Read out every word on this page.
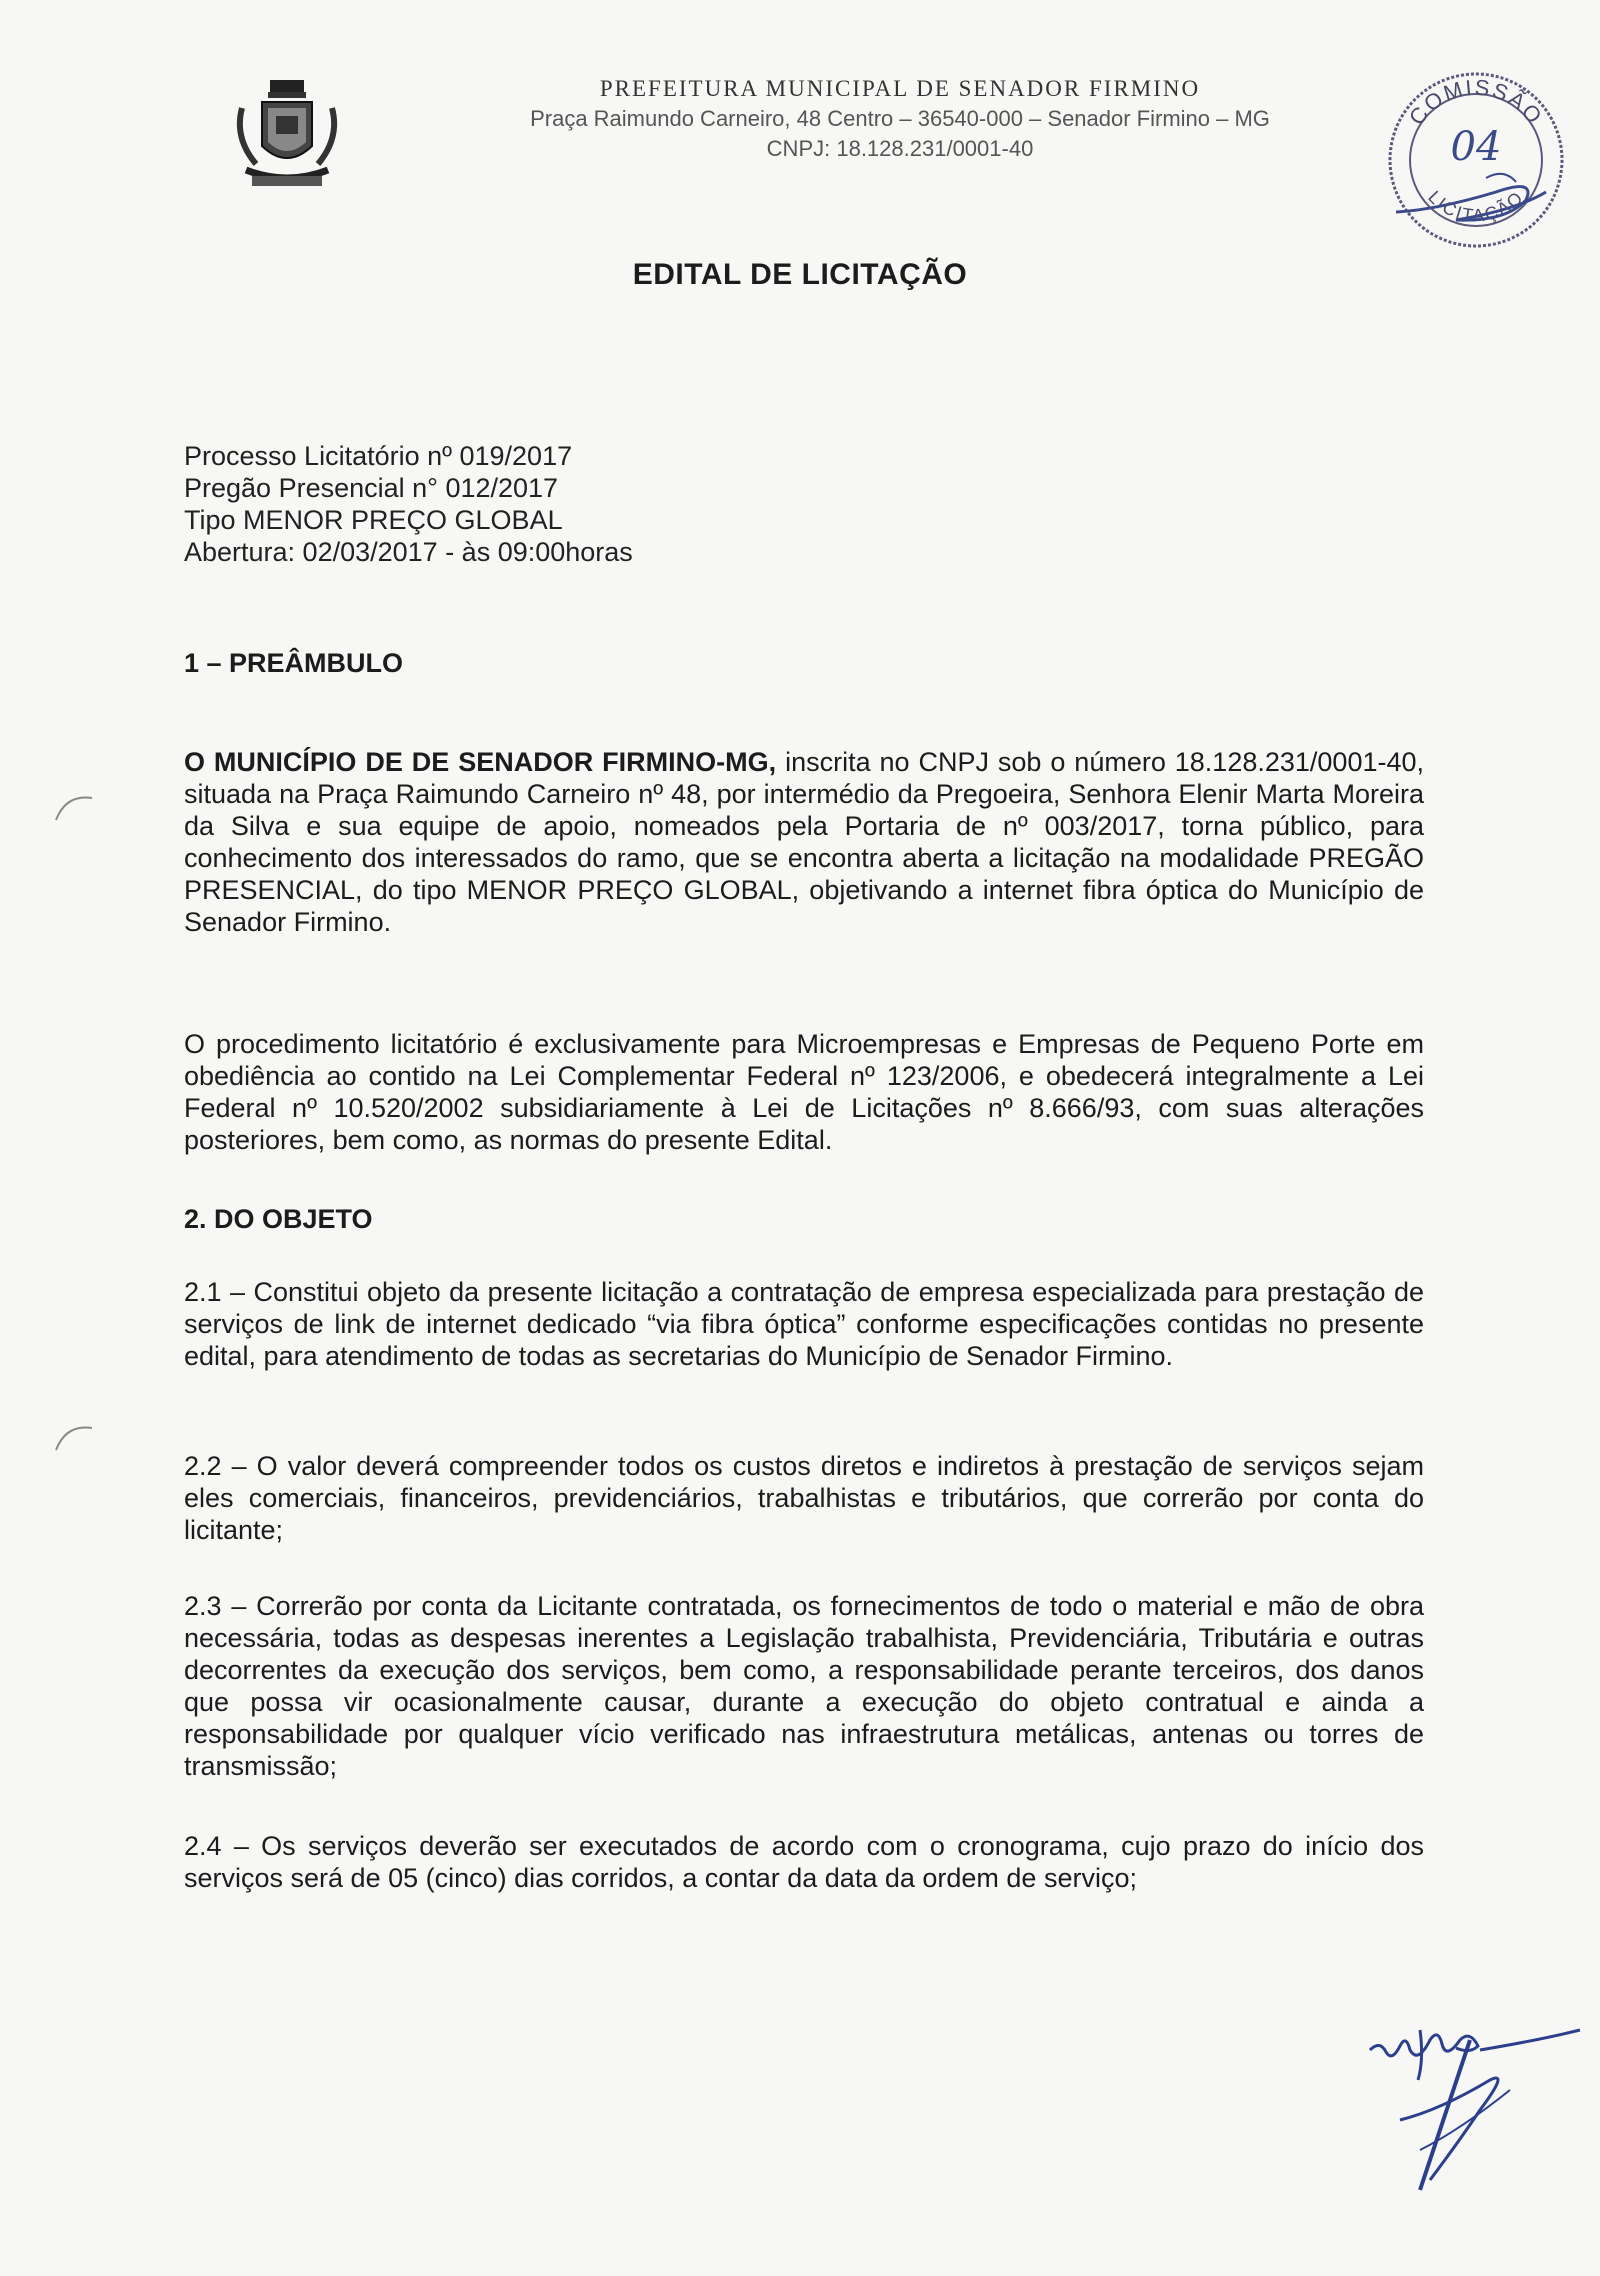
PREFEITURA MUNICIPAL DE SENADOR FIRMINO
Praça Raimundo Carneiro, 48 Centro – 36540-000 – Senador Firmino – MG
CNPJ: 18.128.231/0001-40
COMISSÃO
LICITAÇÃO
04
EDITAL DE LICITAÇÃO
Processo Licitatório nº 019/2017
Pregão Presencial n° 012/2017
Tipo MENOR PREÇO GLOBAL
Abertura: 02/03/2017 - às 09:00horas
1 – PREÂMBULO
O MUNICÍPIO DE DE SENADOR FIRMINO-MG, inscrita no CNPJ sob o número 18.128.231/0001-40, situada na Praça Raimundo Carneiro nº 48, por intermédio da Pregoeira, Senhora Elenir Marta Moreira da Silva e sua equipe de apoio, nomeados pela Portaria de nº 003/2017, torna público, para conhecimento dos interessados do ramo, que se encontra aberta a licitação na modalidade PREGÃO PRESENCIAL, do tipo MENOR PREÇO GLOBAL, objetivando a internet fibra óptica do Município de Senador Firmino.
O procedimento licitatório é exclusivamente para Microempresas e Empresas de Pequeno Porte em obediência ao contido na Lei Complementar Federal nº 123/2006, e obedecerá integralmente a Lei Federal nº 10.520/2002 subsidiariamente à Lei de Licitações nº 8.666/93, com suas alterações posteriores, bem como, as normas do presente Edital.
2. DO OBJETO
2.1 – Constitui objeto da presente licitação a contratação de empresa especializada para prestação de serviços de link de internet dedicado “via fibra óptica” conforme especificações contidas no presente edital, para atendimento de todas as secretarias do Município de Senador Firmino.
2.2 – O valor deverá compreender todos os custos diretos e indiretos à prestação de serviços sejam eles comerciais, financeiros, previdenciários, trabalhistas e tributários, que correrão por conta do licitante;
2.3 – Correrão por conta da Licitante contratada, os fornecimentos de todo o material e mão de obra necessária, todas as despesas inerentes a Legislação trabalhista, Previdenciária, Tributária e outras decorrentes da execução dos serviços, bem como, a responsabilidade perante terceiros, dos danos que possa vir ocasionalmente causar, durante a execução do objeto contratual e ainda a responsabilidade por qualquer vício verificado nas infraestrutura metálicas, antenas ou torres de transmissão;
2.4 – Os serviços deverão ser executados de acordo com o cronograma, cujo prazo do início dos serviços será de 05 (cinco) dias corridos, a contar da data da ordem de serviço;
